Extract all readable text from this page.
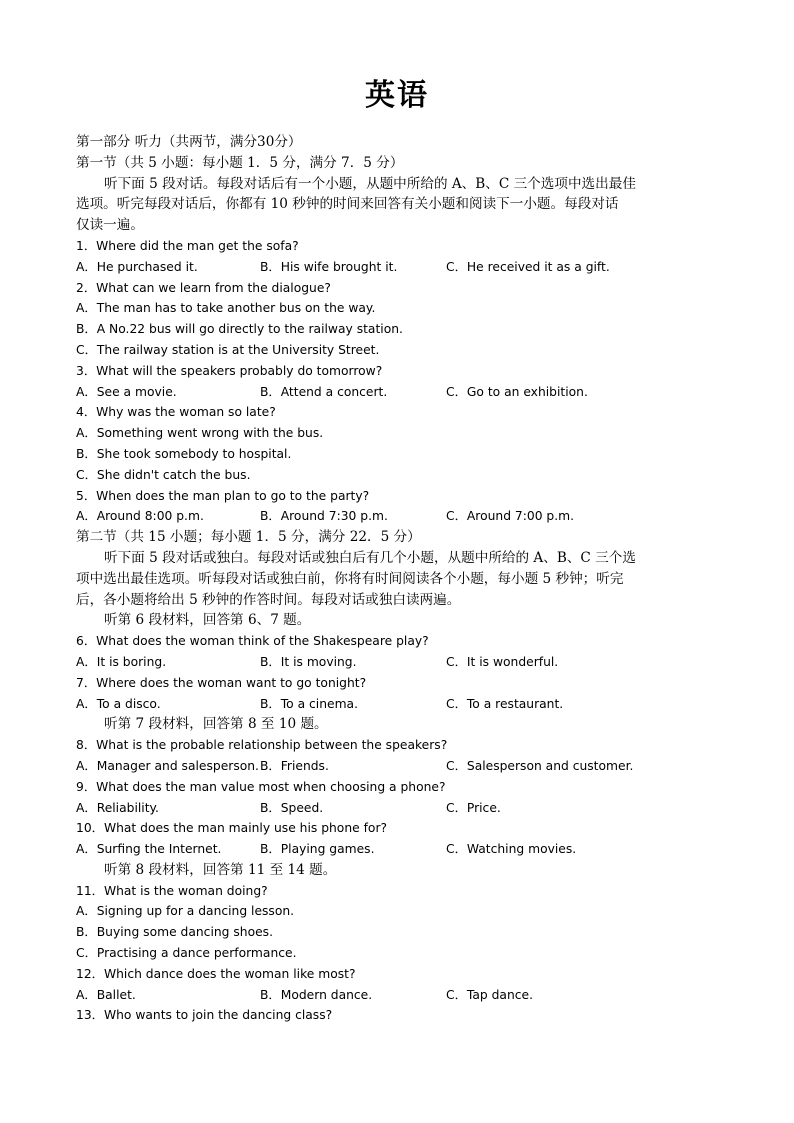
英语
第一部分 听力（共两节，满分30分）
第一节（共 5 小题：每小题 1．5 分，满分 7．5 分）
听下面 5 段对话。每段对话后有一个小题，从题中所给的 A、B、C 三个选项中选出最佳
选项。听完每段对话后，你都有 10 秒钟的时间来回答有关小题和阅读下一小题。每段对话
仅读一遍。
1．Where did the man get the sofa?
A．He purchased it.	B．His wife brought it.	C．He received it as a gift.
2．What can we learn from the dialogue?
A．The man has to take another bus on the way.
B．A No.22 bus will go directly to the railway station.
C．The railway station is at the University Street.
3．What will the speakers probably do tomorrow?
A．See a movie.	B．Attend a concert.	C．Go to an exhibition.
4．Why was the woman so late?
A．Something went wrong with the bus.
B．She took somebody to hospital.
C．She didn't catch the bus.
5．When does the man plan to go to the party?
A．Around 8:00 p.m.	B．Around 7:30 p.m.	C．Around 7:00 p.m.
第二节（共 15 小题；每小题 1．5 分，满分 22．5 分）
听下面 5 段对话或独白。每段对话或独白后有几个小题，从题中所给的 A、B、C 三个选
项中选出最佳选项。听每段对话或独白前，你将有时间阅读各个小题，每小题 5 秒钟；听完
后，各小题将给出 5 秒钟的作答时间。每段对话或独白读两遍。
听第 6 段材料，回答第 6、7 题。
6．What does the woman think of the Shakespeare play?
A．It is boring.	B．It is moving.	C．It is wonderful.
7．Where does the woman want to go tonight?
A．To a disco.	B．To a cinema.	C．To a restaurant.
听第 7 段材料，回答第 8 至 10 题。
8．What is the probable relationship between the speakers?
A．Manager and salesperson. B．Friends.	C．Salesperson and customer.
9．What does the man value most when choosing a phone?
A．Reliability.	B．Speed.	C．Price.
10．What does the man mainly use his phone for?
A．Surfing the Internet.	B．Playing games.	C．Watching movies.
听第 8 段材料，回答第 11 至 14 题。
11．What is the woman doing?
A．Signing up for a dancing lesson.
B．Buying some dancing shoes.
C．Practising a dance performance.
12．Which dance does the woman like most?
A．Ballet.	B．Modern dance.	C．Tap dance.
13．Who wants to join the dancing class?
